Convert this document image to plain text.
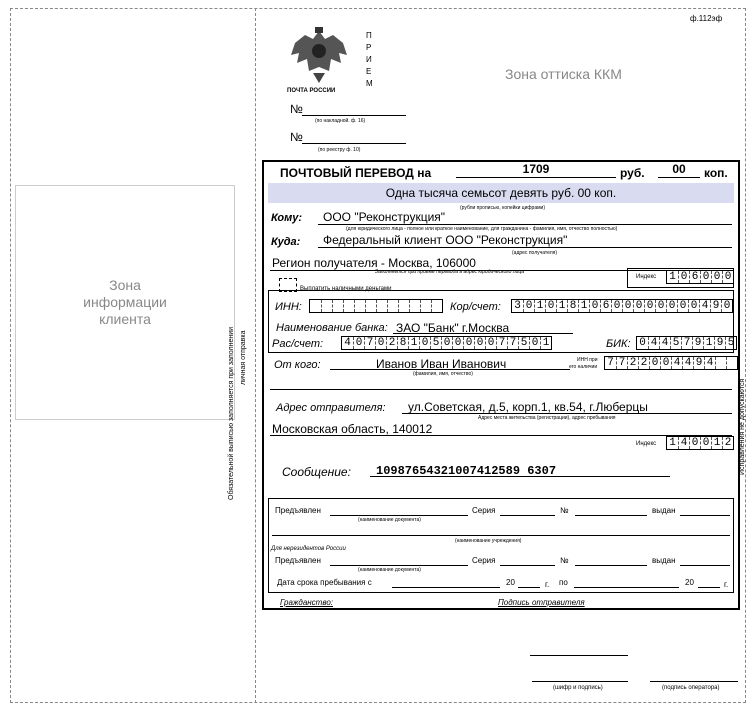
ф.112эф
Зона
информации
клиента
ПОЧТА РОССИИ
П
Р
И
Е
М
Зона оттиска ККМ
№
(по накладной. ф. 16)
№
(по реестру ф. 10)
ПОЧТОВЫЙ ПЕРЕВОД на	1709	руб.	00	коп.
Одна тысяча семьсот девять руб. 00 коп.
(рубли прописью, копейки цифрами)
Кому: ООО "Реконструкция"
(для юридического лица - полное или краткое наименование, для гражданина - фамилия, имя, отчество полностью)
Куда: Федеральный клиент ООО "Реконструкция"
(адрес получателя)
Регион получателя - Москва, 106000
Заполняется при приеме перевода в адрес юридического лица
Выплатить наличными деньгами
Индекс 1 0 6 0 0 0
ИНН:	Кор/счет: 3 0 1 0 1 8 1 0 6 0 0 0 0 0 0 0 0 4 9 0
Наименование банка: ЗАО "Банк" г.Москва
Рас/счет: 4 0 7 0 2 8 1 0 5 0 0 0 0 0 7 7 5 0 1	БИК: 0 4 4 5 7 9 1 9 5
От кого:	Иванов Иван Иванович
(фамилия, имя, отчество)
ИНН при
его наличии 7 7 2 2 0 0 4 4 9 4
Адрес отправителя: ул.Советская, д.5, корп.1, кв.54, г.Люберцы
Адрес места жительства (регистрации), адрес пребывания
Московская область, 140012
Индекс 1 4 0 0 1 2
Сообщение: 10987654321007412589 6307
Предъявлен	Серия	№	выдан
(наименование документа)
(наименование учреждения)
Для нерезидентов России
Предъявлен	Серия	№	выдан
(наименование документа)
Дата срока пребывания с	20	г. по	20	г.
Гражданство:	Подпись отправителя
Обязательной выписью заполняется при заполнении личная отправка
Исправления не допускаются
(шифр и подпись)	(подпись оператора)
